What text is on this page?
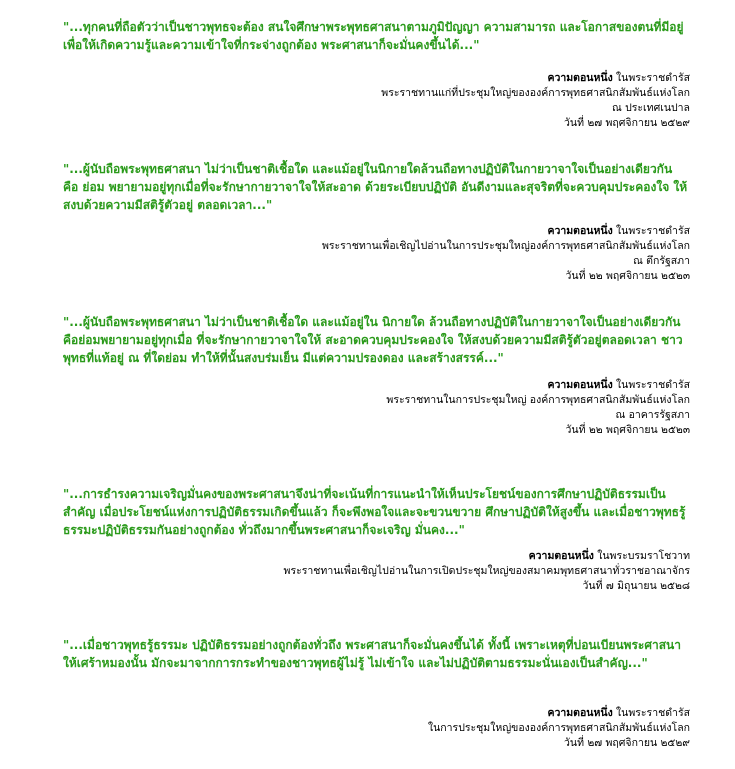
"...ทุกคนที่ถือตัวว่าเป็นชาวพุทธจะต้อง สนใจศึกษาพระพุทธศาสนาตามภูมิปัญญา ความสามารถ และโอกาสของตนที่มีอยู่ เพื่อให้เกิดความรู้และความเข้าใจที่กระจ่างถูกต้อง พระศาสนาก็จะมั่นคงขึ้นได้..."

ความตอนหนึ่ง ในพระราชดำรัส
พระราชทานแก่ที่ประชุมใหญ่ขององค์การพุทธศาสนิกสัมพันธ์แห่งโลก
ณ ประเทศเนปาล
วันที่ ๒๗ พฤศจิกายน ๒๕๒๙

"...ผู้นับถือพระพุทธศาสนา ไม่ว่าเป็นชาติเชื้อใด และแม้อยู่ในนิกายใดล้วนถือทางปฏิบัติในกายวาจาใจเป็นอย่างเดียวกัน คือ ย่อม พยายามอยู่ทุกเมื่อที่จะรักษากายวาจาใจให้สะอาด ด้วยระเบียบปฏิบัติ อันดีงามและสุจริตที่จะควบคุมประคองใจ ให้สงบด้วยความมีสติรู้ตัวอยู่ ตลอดเวลา..."

ความตอนหนึ่ง ในพระราชดำรัส
พระราชทานเพื่อเชิญไปอ่านในการประชุมใหญ่องค์การพุทธศาสนิกสัมพันธ์แห่งโลก
ณ ตึกรัฐสภา
วันที่ ๒๒ พฤศจิกายน ๒๕๒๓

"...ผู้นับถือพระพุทธศาสนา ไม่ว่าเป็นชาติเชื้อใด และแม้อยู่ใน นิกายใด ล้วนถือทางปฏิบัติในกายวาจาใจเป็นอย่างเดียวกันคือย่อมพยายามอยู่ทุกเมื่อ ที่จะรักษากายวาจาใจให้ สะอาดควบคุมประคองใจ ให้สงบด้วยความมีสติรู้ตัวอยู่ตลอดเวลา ชาวพุทธที่แท้อยู่ ณ ที่ใดย่อม ทำให้ที่นั้นสงบร่มเย็น มีแต่ความปรองดอง และสร้างสรรค์..."

ความตอนหนึ่ง ในพระราชดำรัส
พระราชทานในการประชุมใหญ่ องค์การพุทธศาสนิกสัมพันธ์แห่งโลก
ณ อาคารรัฐสภา
วันที่ ๒๒ พฤศจิกายน ๒๕๒๓

"...การธำรงความเจริญมั่นคงของพระศาสนาจึงน่าที่จะเน้นที่การแนะนำให้เห็นประโยชน์ของการศึกษาปฏิบัติธรรมเป็นสำคัญ เมื่อประโยชน์แห่งการปฏิบัติธรรมเกิดขึ้นแล้ว ก็จะพึงพอใจและจะขวนขวาย ศึกษาปฏิบัติให้สูงขึ้น และเมื่อชาวพุทธรู้ธรรมะปฏิบัติธรรมกันอย่างถูกต้อง ทั่วถึงมากขึ้นพระศาสนาก็จะเจริญ มั่นคง..."

ความตอนหนึ่ง ในพระบรมราโชวาท
พระราชทานเพื่อเชิญไปอ่านในการเปิดประชุมใหญ่ของสมาคมพุทธศาสนาทั่วราชอาณาจักร
วันที่ ๗ มิถุนายน ๒๕๒๘

"...เมื่อชาวพุทธรู้ธรรมะ ปฏิบัติธรรมอย่างถูกต้องทั่วถึง พระศาสนาก็จะมั่นคงขึ้นได้ ทั้งนี้ เพราะเหตุที่บ่อนเบียนพระศาสนาให้เศร้าหมองนั้น มักจะมาจากการกระทำของชาวพุทธผู้ไม่รู้ ไม่เข้าใจ และไม่ปฏิบัติตามธรรมะนั่นเองเป็นสำคัญ..."

ความตอนหนึ่ง ในพระราชดำรัส
ในการประชุมใหญ่ขององค์การพุทธศาสนิกสัมพันธ์แห่งโลก
วันที่ ๒๗ พฤศจิกายน ๒๕๒๙
